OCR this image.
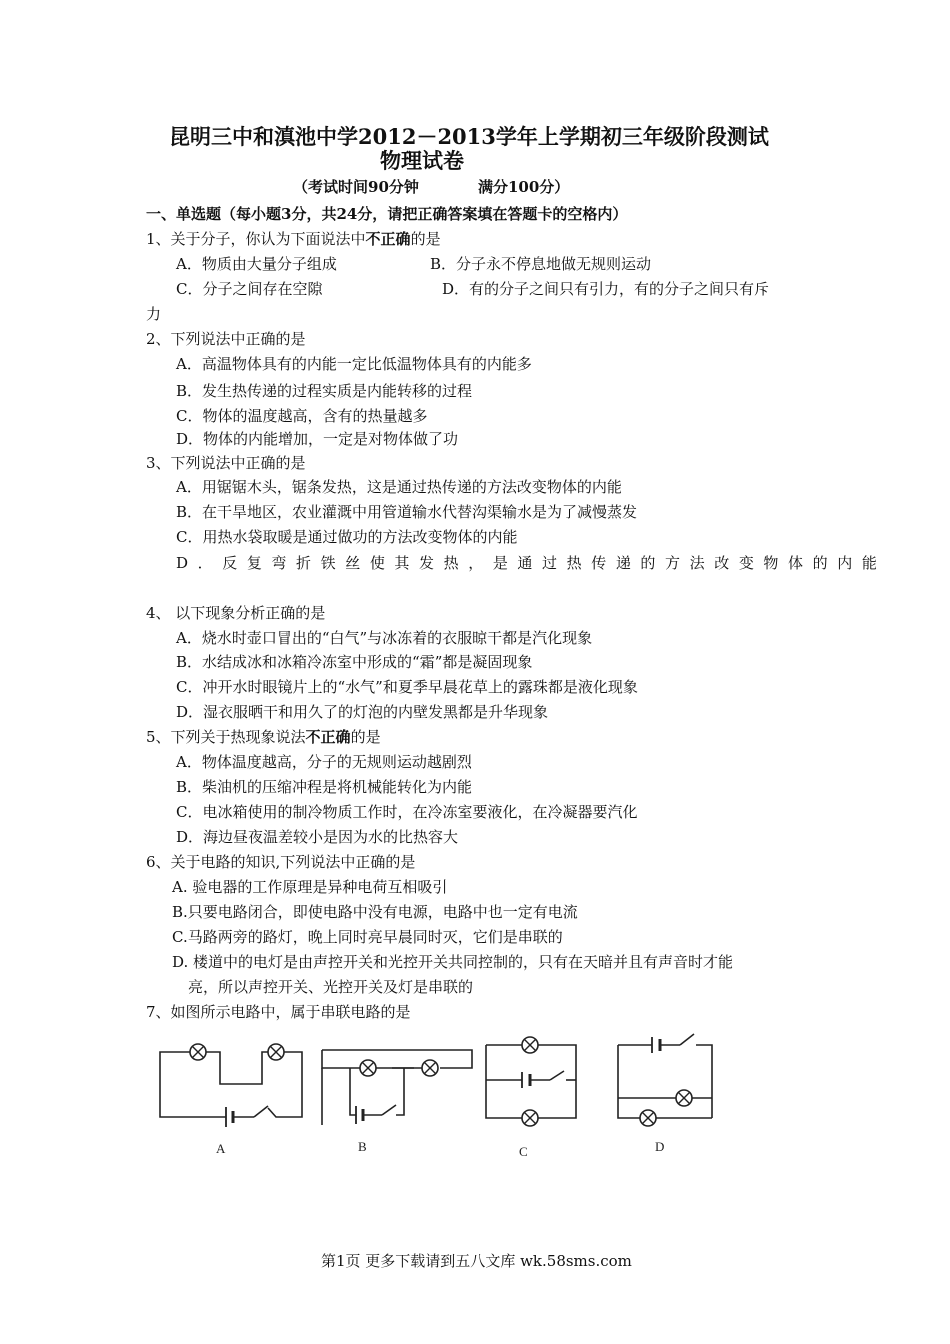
昆明三中和滇池中学2012－2013学年上学期初三年级阶段测试
物理试卷
（考试时间90分钟	满分100分）
一、单选题（每小题3分，共24分，请把正确答案填在答题卡的空格内）
1、关于分子，你认为下面说法中不正确的是
A．物质由大量分子组成	B．分子永不停息地做无规则运动
C．分子之间存在空隙	D．有的分子之间只有引力，有的分子之间只有斥
力
2、下列说法中正确的是
A．高温物体具有的内能一定比低温物体具有的内能多
B．发生热传递的过程实质是内能转移的过程
C．物体的温度越高，含有的热量越多
D．物体的内能增加，一定是对物体做了功
3、下列说法中正确的是
A．用锯锯木头，锯条发热，这是通过热传递的方法改变物体的内能
B．在干旱地区，农业灌溉中用管道输水代替沟渠输水是为了减慢蒸发
C．用热水袋取暖是通过做功的方法改变物体的内能
D．反复弯折铁丝使其发热，是通过热传递的方法改变物体的内能
4、 以下现象分析正确的是
A．烧水时壶口冒出的“白气”与冰冻着的衣服晾干都是汽化现象
B．水结成冰和冰箱冷冻室中形成的“霜”都是凝固现象
C．冲开水时眼镜片上的“水气”和夏季早晨花草上的露珠都是液化现象
D．湿衣服晒干和用久了的灯泡的内壁发黑都是升华现象
5、下列关于热现象说法不正确的是
A．物体温度越高，分子的无规则运动越剧烈
B．柴油机的压缩冲程是将机械能转化为内能
C．电冰箱使用的制冷物质工作时，在冷冻室要液化，在冷凝器要汽化
D．海边昼夜温差较小是因为水的比热容大
6、关于电路的知识,下列说法中正确的是
A. 验电器的工作原理是异种电荷互相吸引
B.只要电路闭合，即使电路中没有电源，电路中也一定有电流
C.马路两旁的路灯，晚上同时亮早晨同时灭，它们是串联的
D. 楼道中的电灯是由声控开关和光控开关共同控制的，只有在天暗并且有声音时才能
亮，所以声控开关、光控开关及灯是串联的
7、如图所示电路中，属于串联电路的是
A	B	C	D
第1页 更多下载请到五八文库 wk.58sms.com
